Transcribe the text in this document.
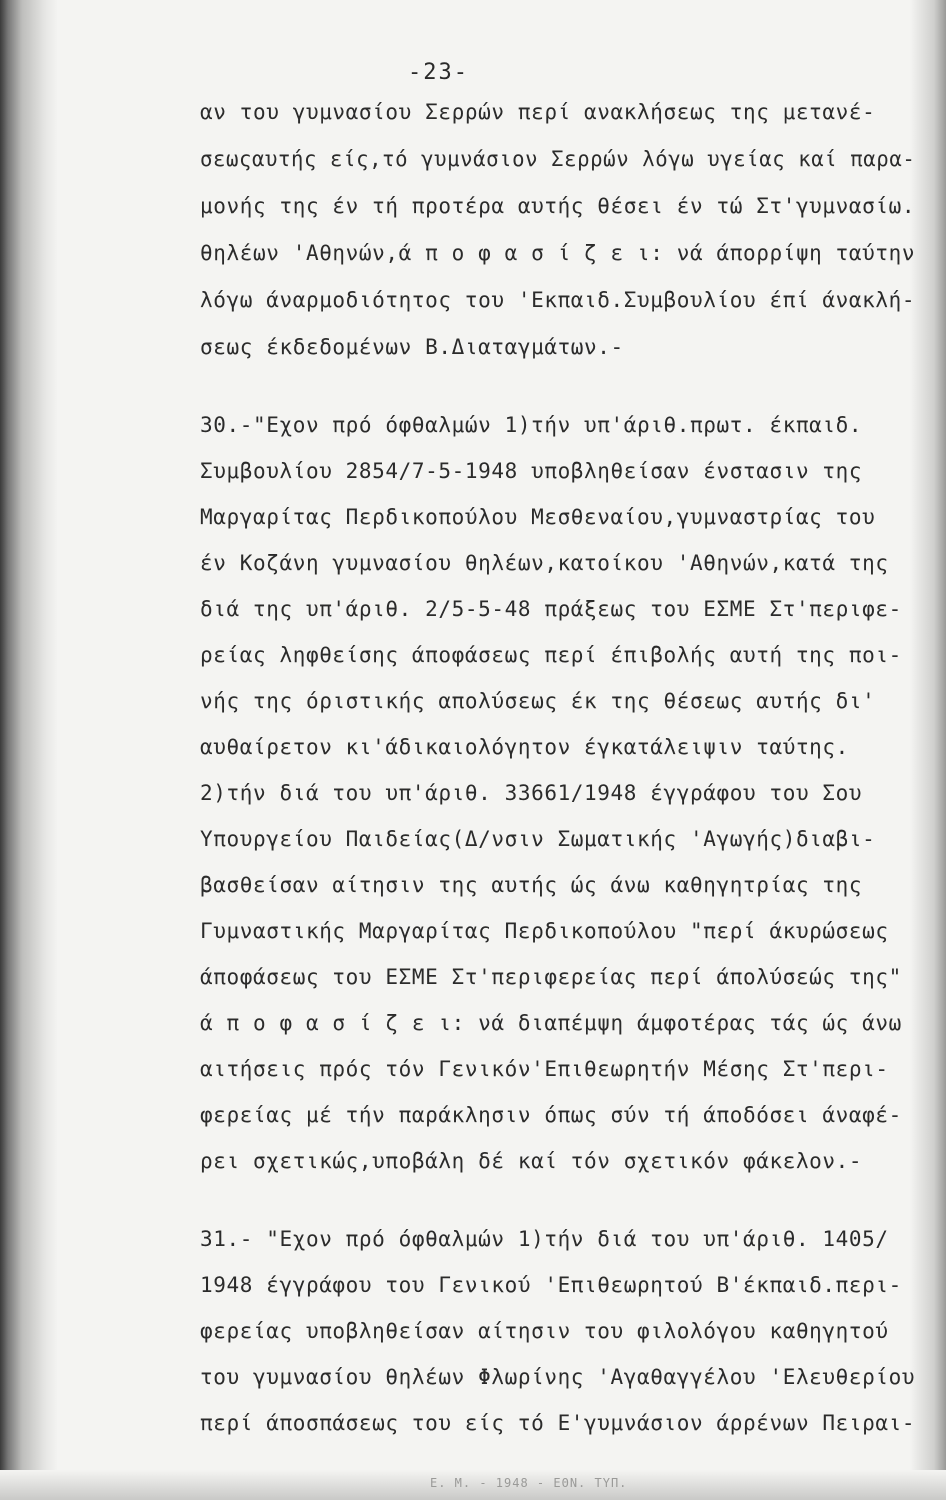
-23-
αν του γυμνασίου Σερρών περί ανακλήσεως της μετανέ-
σεωςαυτής είς,τό γυμνάσιον Σερρών λόγω υγείας καί παρα-
μονής της έν τή προτέρα αυτής θέσει έν τώ Στ'γυμνασίω.
θηλέων 'Αθηνών,ά π ο φ α σ ί ζ ε ι: νά άπορρίψη ταύτην
λόγω άναρμοδιότητος του 'Εκπαιδ.Συμβουλίου έπί άνακλή-
σεως έκδεδομένων Β.Διαταγμάτων.-
30.-"Εχον πρό όφθαλμών 1)τήν υπ'άριθ.πρωτ. έκπαιδ.
Συμβουλίου 2854/7-5-1948 υποβληθείσαν ένστασιν της
Μαργαρίτας Περδικοπούλου Μεσθεναίου,γυμναστρίας του
έν Κοζάνη γυμνασίου θηλέων,κατοίκου 'Αθηνών,κατά της
διά της υπ'άριθ. 2/5-5-48 πράξεως του ΕΣΜΕ Στ'περιφε-
ρείας ληφθείσης άποφάσεως περί έπιβολής αυτή της ποι-
νής της όριστικής απολύσεως έκ της θέσεως αυτής δι'
αυθαίρετον κι'άδικαιολόγητον έγκατάλειψιν ταύτης.
2)τήν διά του υπ'άριθ. 33661/1948 έγγράφου του Σου
Υπουργείου Παιδείας(Δ/νσιν Σωματικής 'Αγωγής)διαβι-
βασθείσαν αίτησιν της αυτής ώς άνω καθηγητρίας της
Γυμναστικής Μαργαρίτας Περδικοπούλου "περί άκυρώσεως
άποφάσεως του ΕΣΜΕ Στ'περιφερείας περί άπολύσεώς της"
ά π ο φ α σ ί ζ ε ι: νά διαπέμψη άμφοτέρας τάς ώς άνω
αιτήσεις πρός τόν Γενικόν'Επιθεωρητήν Μέσης Στ'περι-
φερείας μέ τήν παράκλησιν όπως σύν τή άποδόσει άναφέ-
ρει σχετικώς,υποβάλη δέ καί τόν σχετικόν φάκελον.-
31.- "Εχον πρό όφθαλμών 1)τήν διά του υπ'άριθ. 1405/
1948 έγγράφου του Γενικού 'Επιθεωρητού Β'έκπαιδ.περι-
φερείας υποβληθείσαν αίτησιν του φιλολόγου καθηγητού
του γυμνασίου θηλέων Φλωρίνης 'Αγαθαγγέλου 'Ελευθερίου
περί άποσπάσεως του είς τό Ε'γυμνάσιον άρρένων Πειραι-
Ε. Μ. - 1948 - ΕΘΝ. ΤΥΠ.
